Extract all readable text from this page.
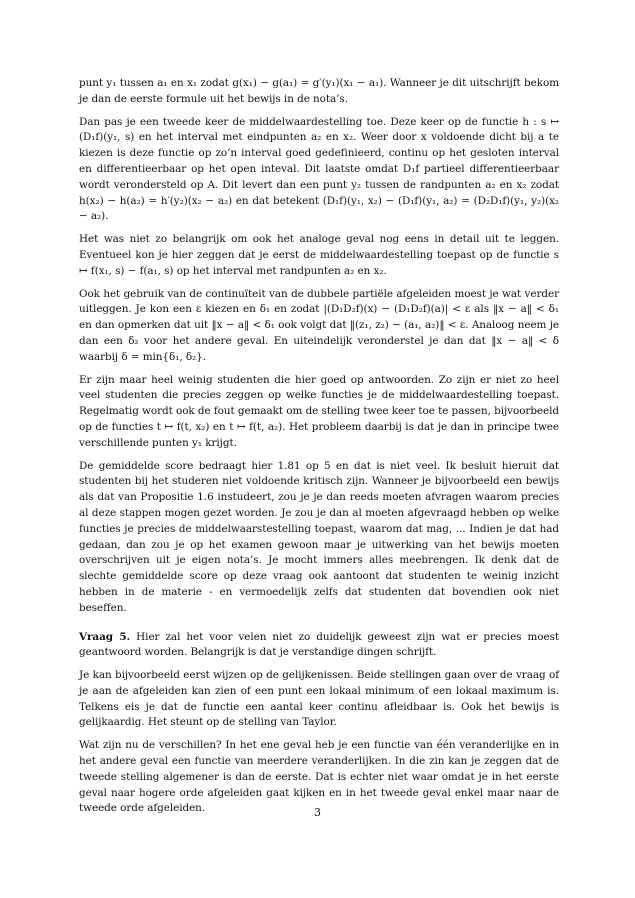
punt y₁ tussen a₁ en x₁ zodat g(x₁) − g(a₁) = g′(y₁)(x₁ − a₁). Wanneer je dit uitschrijft bekom je dan de eerste formule uit het bewijs in de nota’s.

Dan pas je een tweede keer de middelwaardestelling toe. Deze keer op de functie h : s ↦ (D₁f)(y₁, s) en het interval met eindpunten a₂ en x₂. Weer door x voldoende dicht bij a te kiezen is deze functie op zo’n interval goed gedefinieerd, continu op het gesloten interval en differentieerbaar op het open inteval. Dit laatste omdat D₁f partieel differentieerbaar wordt verondersteld op A. Dit levert dan een punt y₂ tussen de randpunten a₂ en x₂ zodat h(x₂) − h(a₂) = h′(y₂)(x₂ − a₂) en dat betekent (D₁f)(y₁, x₂) − (D₁f)(y₁, a₂) = (D₂D₁f)(y₁, y₂)(x₂ − a₂).

Het was niet zo belangrijk om ook het analoge geval nog eens in detail uit te leggen. Eventueel kon je hier zeggen dat je eerst de middelwaardestelling toepast op de functie s ↦ f(x₁, s) − f(a₁, s) op het interval met randpunten a₂ en x₂.

Ook het gebruik van de continuïteit van de dubbele partiële afgeleiden moest je wat verder uitleggen. Je kon een ε kiezen en δ₁ en zodat |(D₁D₂f)(x) − (D₁D₂f)(a)| < ε als ‖x − a‖ < δ₁ en dan opmerken dat uit ‖x − a‖ < δ₁ ook volgt dat ‖(z₁, z₂) − (a₁, a₂)‖ < ε. Analoog neem je dan een δ₂ voor het andere geval. En uiteindelijk veronderstel je dan dat ‖x − a‖ < δ waarbij δ = min{δ₁, δ₂}.

Er zijn maar heel weinig studenten die hier goed op antwoorden. Zo zijn er niet zo heel veel studenten die precies zeggen op welke functies je de middelwaardestelling toepast. Regelmatig wordt ook de fout gemaakt om de stelling twee keer toe te passen, bijvoorbeeld op de functies t ↦ f(t, x₂) en t ↦ f(t, a₂). Het probleem daarbij is dat je dan in principe twee verschillende punten y₁ krijgt.

De gemiddelde score bedraagt hier 1.81 op 5 en dat is niet veel. Ik besluit hieruit dat studenten bij het studeren niet voldoende kritisch zijn. Wanneer je bijvoorbeeld een bewijs als dat van Propositie 1.6 instudeert, zou je je dan reeds moeten afvragen waarom precies al deze stappen mogen gezet worden. Je zou je dan al moeten afgevraagd hebben op welke functies je precies de middelwaarstestelling toepast, waarom dat mag, ... Indien je dat had gedaan, dan zou je op het examen gewoon maar je uitwerking van het bewijs moeten overschrijven uit je eigen nota’s. Je mocht immers alles meebrengen. Ik denk dat de slechte gemiddelde score op deze vraag ook aantoont dat studenten te weinig inzicht hebben in de materie - en vermoedelijk zelfs dat studenten dat bovendien ook niet beseffen.

Vraag 5. Hier zal het voor velen niet zo duidelijk geweest zijn wat er precies moest geantwoord worden. Belangrijk is dat je verstandige dingen schrijft.

Je kan bijvoorbeeld eerst wijzen op de gelijkenissen. Beide stellingen gaan over de vraag of je aan de afgeleiden kan zien of een punt een lokaal minimum of een lokaal maximum is. Telkens eis je dat de functie een aantal keer continu afleidbaar is. Ook het bewijs is gelijkaardig. Het steunt op de stelling van Taylor.

Wat zijn nu de verschillen? In het ene geval heb je een functie van één veranderlijke en in het andere geval een functie van meerdere veranderlijken. In die zin kan je zeggen dat de tweede stelling algemener is dan de eerste. Dat is echter niet waar omdat je in het eerste geval naar hogere orde afgeleiden gaat kijken en in het tweede geval enkel maar naar de tweede orde afgeleiden.	3
